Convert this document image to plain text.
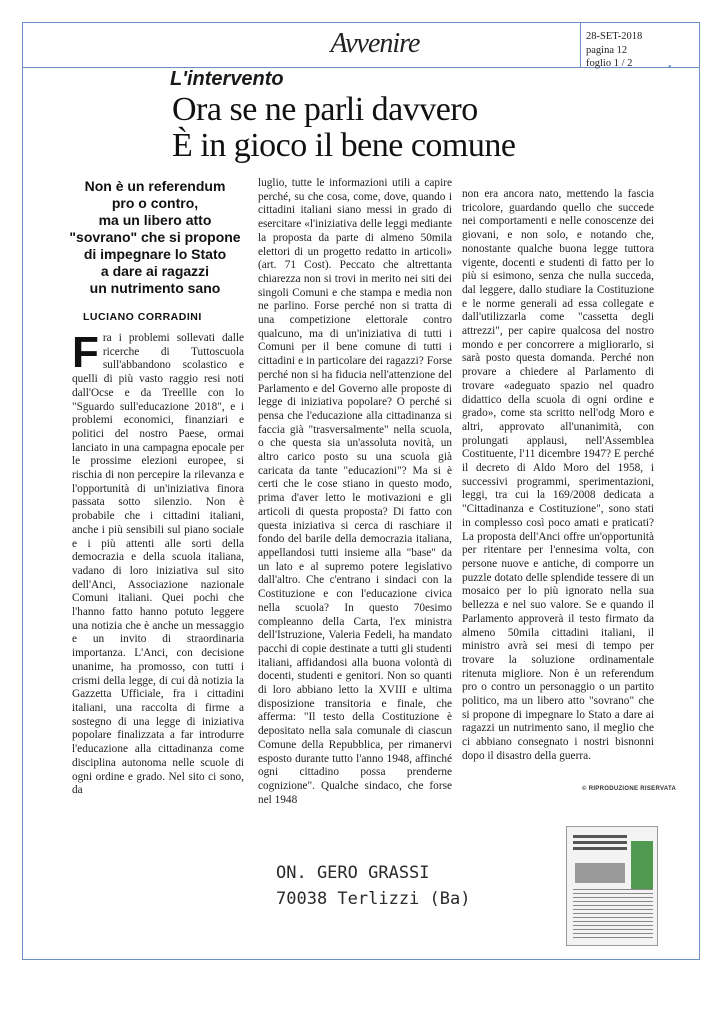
Avvenire	28-SET-2018
pagina 12
foglio 1 / 2	•
L'intervento
Ora se ne parli davvero
È in gioco il bene comune
Non è un referendum
pro o contro,
ma un libero atto
"sovrano" che si propone
di impegnare lo Stato
a dare ai ragazzi
un nutrimento sano
LUCIANO CORRADINI
Fra i problemi sollevati dalle ricerche di Tuttoscuola sull'abbandono scolastico e quelli di più vasto raggio resi noti dall'Ocse e da Treellle con lo "Sguardo sull'educazione 2018", e i problemi economici, finanziari e politici del nostro Paese, ormai lanciato in una campagna epocale per le prossime elezioni europee, si rischia di non percepire la rilevanza e l'opportunità di un'iniziativa finora passata sotto silenzio. Non è probabile che i cittadini italiani, anche i più sensibili sul piano sociale e i più attenti alle sorti della democrazia e della scuola italiana, vadano di loro iniziativa sul sito dell'Anci, Associazione nazionale Comuni italiani. Quei pochi che l'hanno fatto hanno potuto leggere una notizia che è anche un messaggio e un invito di straordinaria importanza. L'Anci, con decisione unanime, ha promosso, con tutti i crismi della legge, di cui dà notizia la Gazzetta Ufficiale, fra i cittadini italiani, una raccolta di firme a sostegno di una legge di iniziativa popolare finalizzata a far introdurre l'educazione alla cittadinanza come disciplina autonoma nelle scuole di ogni ordine e grado. Nel sito ci sono, da
luglio, tutte le informazioni utili a capire perché, su che cosa, come, dove, quando i cittadini italiani siano messi in grado di esercitare «l'iniziativa delle leggi mediante la proposta da parte di almeno 50mila elettori di un progetto redatto in articoli» (art. 71 Cost). Peccato che altrettanta chiarezza non si trovi in merito nei siti dei singoli Comuni e che stampa e media non ne parlino. Forse perché non si tratta di una competizione elettorale contro qualcuno, ma di un'iniziativa di tutti i Comuni per il bene comune di tutti i cittadini e in particolare dei ragazzi? Forse perché non si ha fiducia nell'attenzione del Parlamento e del Governo alle proposte di legge di iniziativa popolare? O perché si pensa che l'educazione alla cittadinanza si faccia già "trasversalmente" nella scuola, o che questa sia un'assoluta novità, un altro carico posto su una scuola già caricata da tante "educazioni"? Ma si è certi che le cose stiano in questo modo, prima d'aver letto le motivazioni e gli articoli di questa proposta? Di fatto con questa iniziativa si cerca di raschiare il fondo del barile della democrazia italiana, appellandosi tutti insieme alla "base" da un lato e al supremo potere legislativo dall'altro. Che c'entrano i sindaci con la Costituzione e con l'educazione civica nella scuola? In questo 70esimo compleanno della Carta, l'ex ministra dell'Istruzione, Valeria Fedeli, ha mandato pacchi di copie destinate a tutti gli studenti italiani, affidandosi alla buona volontà di docenti, studenti e genitori. Non so quanti di loro abbiano letto la XVIII e ultima disposizione transitoria e finale, che afferma: "Il testo della Costituzione è depositato nella sala comunale di ciascun Comune della Repubblica, per rimanervi esposto durante tutto l'anno 1948, affinché ogni cittadino possa prenderne cognizione". Qualche sindaco, che forse nel 1948
non era ancora nato, mettendo la fascia tricolore, guardando quello che succede nei comportamenti e nelle conoscenze dei giovani, e non solo, e notando che, nonostante qualche buona legge tuttora vigente, docenti e studenti di fatto per lo più si esimono, senza che nulla succeda, dal leggere, dallo studiare la Costituzione e le norme generali ad essa collegate e dall'utilizzarla come "cassetta degli attrezzi", per capire qualcosa del nostro mondo e per concorrere a migliorarlo, si sarà posto questa domanda. Perché non provare a chiedere al Parlamento di trovare «adeguato spazio nel quadro didattico della scuola di ogni ordine e grado», come sta scritto nell'odg Moro e altri, approvato all'unanimità, con prolungati applausi, nell'Assemblea Costituente, l'11 dicembre 1947? E perché il decreto di Aldo Moro del 1958, i successivi programmi, sperimentazioni, leggi, tra cui la 169/2008 dedicata a "Cittadinanza e Costituzione", sono stati in complesso così poco amati e praticati? La proposta dell'Anci offre un'opportunità per ritentare per l'ennesima volta, con persone nuove e antiche, di comporre un puzzle dotato delle splendide tessere di un mosaico per lo più ignorato nella sua bellezza e nel suo valore. Se e quando il Parlamento approverà il testo firmato da almeno 50mila cittadini italiani, il ministro avrà sei mesi di tempo per trovare la soluzione ordinamentale ritenuta migliore. Non è un referendum pro o contro un personaggio o un partito politico, ma un libero atto "sovrano" che si propone di impegnare lo Stato a dare ai ragazzi un nutrimento sano, il meglio che ci abbiano consegnato i nostri bisnonni dopo il disastro della guerra.
© RIPRODUZIONE RISERVATA
ON. GERO GRASSI
70038 Terlizzi (Ba)
